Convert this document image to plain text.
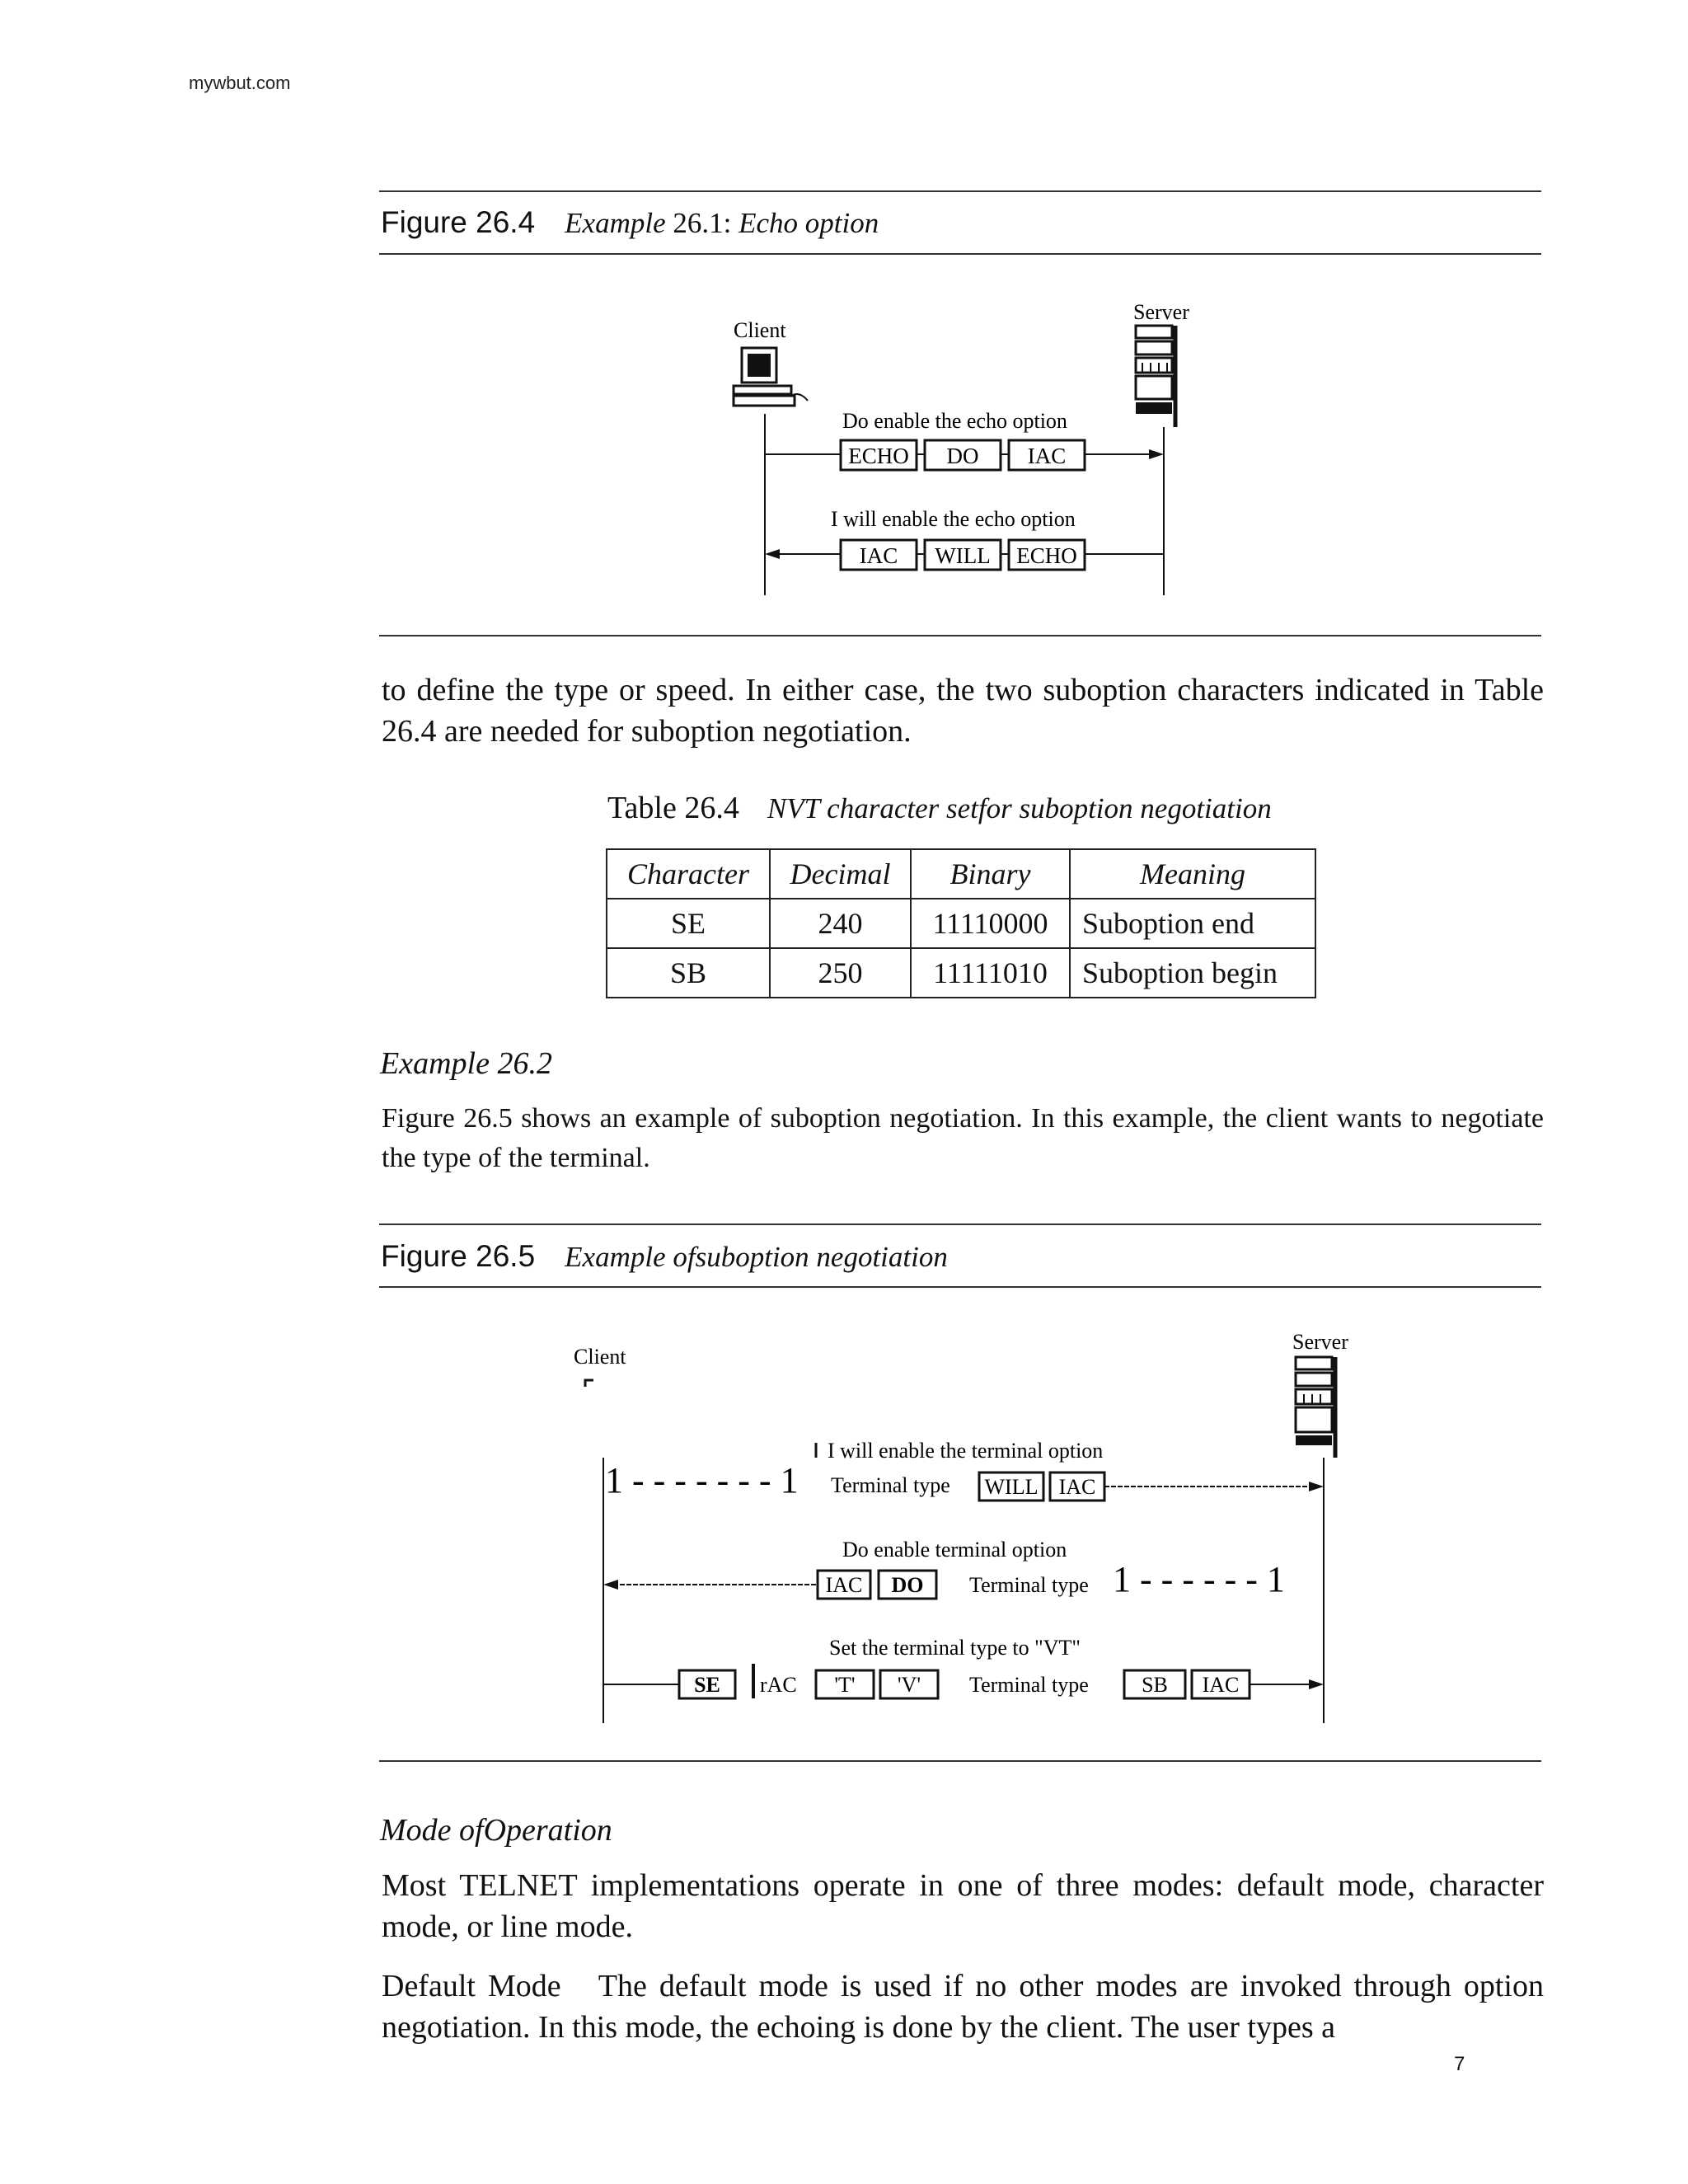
mywbut.com
Figure 26.4 Example 26.1: Echo option
Client
Server
Do enable the echo option
ECHO DO IAC
I will enable the echo option
IAC WILL ECHO
to define the type or speed. In either case, the two suboption characters indicated in Table 26.4 are needed for suboption negotiation.
Table 26.4 NVT character setfor suboption negotiation
Character	Decimal	Binary	Meaning
SE	240	11110000	Suboption end
SB	250	11111010	Suboption begin
Example 26.2
Figure 26.5 shows an example of suboption negotiation. In this example, the client wants to negotiate the type of the terminal.
Figure 26.5 Example ofsuboption negotiation
Client
Server
I will enable the terminal option
1 - - - - - - - 1 Terminal type WILL IAC
Do enable terminal option
IAC DO Terminal type 1 - - - - - - 1
Set the terminal type to "VT"
SE rAC 'T' 'V' Terminal type SB IAC
Mode ofOperation
Most TELNET implementations operate in one of three modes: default mode, character mode, or line mode.
Default Mode The default mode is used if no other modes are invoked through option negotiation. In this mode, the echoing is done by the client. The user types a
7
